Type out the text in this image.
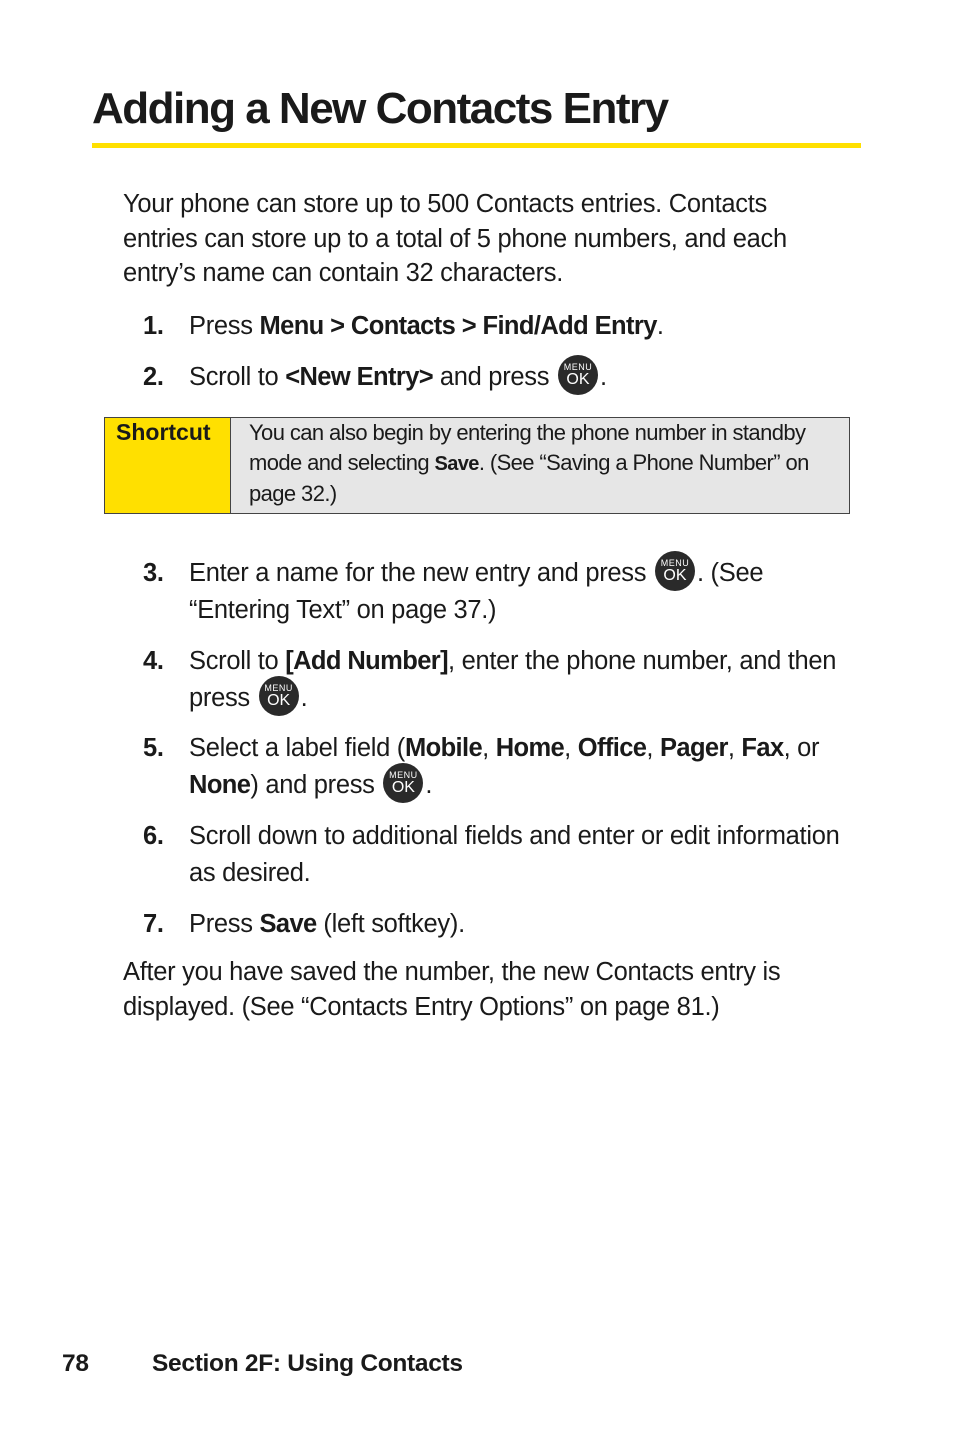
Adding a New Contacts Entry

Your phone can store up to 500 Contacts entries. Contacts entries can store up to a total of 5 phone numbers, and each entry’s name can contain 32 characters.

1. Press Menu > Contacts > Find/Add Entry.
2. Scroll to <New Entry> and press MENU
OK .
Shortcut	You can also begin by entering the phone number in standby mode and selecting Save. (See “Saving a Phone Number” on page 32.)
3. Enter a name for the new entry and press MENU
OK . (See “Entering Text” on page 37.)
4. Scroll to [Add Number], enter the phone number, and then press MENU
OK .
5. Select a label field (Mobile, Home, Office, Pager, Fax, or None) and press MENU
OK .
6. Scroll down to additional fields and enter or edit information as desired.
7. Press Save (left softkey).

After you have saved the number, the new Contacts entry is displayed. (See “Contacts Entry Options” on page 81.)

78	Section 2F: Using Contacts
